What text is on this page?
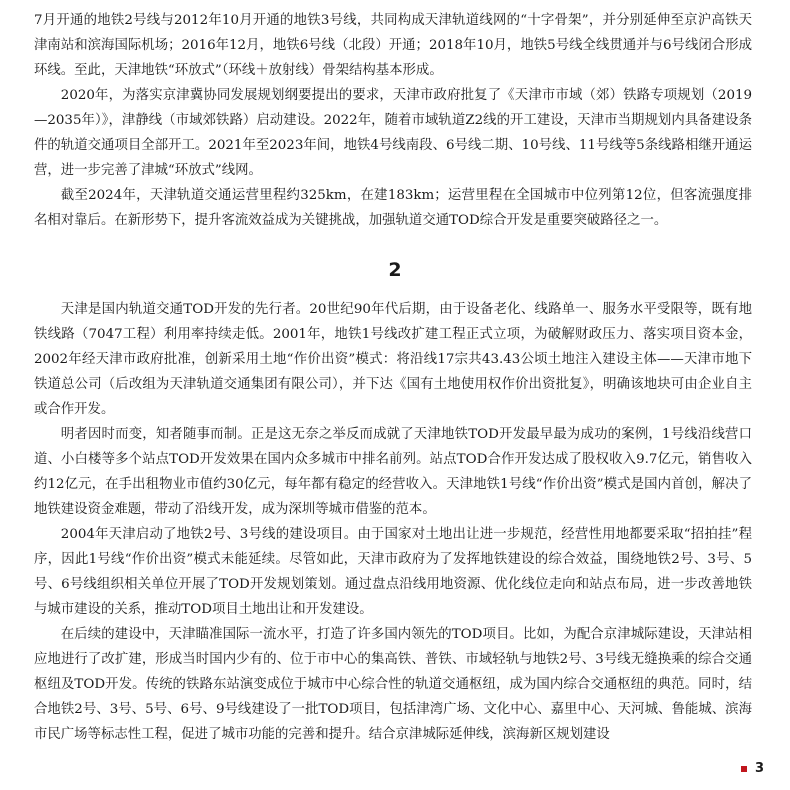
7月开通的地铁2号线与2012年10月开通的地铁3号线，共同构成天津轨道线网的“十字骨架”，并分别延伸至京沪高铁天津南站和滨海国际机场；2016年12月，地铁6号线（北段）开通；2018年10月，地铁5号线全线贯通并与6号线闭合形成环线。至此，天津地铁“环放式”（环线＋放射线）骨架结构基本形成。

2020年，为落实京津冀协同发展规划纲要提出的要求，天津市政府批复了《天津市市域（郊）铁路专项规划（2019—2035年）》，津静线（市域郊铁路）启动建设。2022年，随着市域轨道Z2线的开工建设，天津市当期规划内具备建设条件的轨道交通项目全部开工。2021年至2023年间，地铁4号线南段、6号线二期、10号线、11号线等5条线路相继开通运营，进一步完善了津城“环放式”线网。

截至2024年，天津轨道交通运营里程约325km，在建183km；运营里程在全国城市中位列第12位，但客流强度排名相对靠后。在新形势下，提升客流效益成为关键挑战，加强轨道交通TOD综合开发是重要突破路径之一。

2

天津是国内轨道交通TOD开发的先行者。20世纪90年代后期，由于设备老化、线路单一、服务水平受限等，既有地铁线路（7047工程）利用率持续走低。2001年，地铁1号线改扩建工程正式立项，为破解财政压力、落实项目资本金，2002年经天津市政府批准，创新采用土地“作价出资”模式：将沿线17宗共43.43公顷土地注入建设主体——天津市地下铁道总公司（后改组为天津轨道交通集团有限公司），并下达《国有土地使用权作价出资批复》，明确该地块可由企业自主或合作开发。

明者因时而变，知者随事而制。正是这无奈之举反而成就了天津地铁TOD开发最早最为成功的案例，1号线沿线营口道、小白楼等多个站点TOD开发效果在国内众多城市中排名前列。站点TOD合作开发达成了股权收入9.7亿元，销售收入约12亿元，在手出租物业市值约30亿元，每年都有稳定的经营收入。天津地铁1号线“作价出资”模式是国内首创，解决了地铁建设资金难题，带动了沿线开发，成为深圳等城市借鉴的范本。

2004年天津启动了地铁2号、3号线的建设项目。由于国家对土地出让进一步规范，经营性用地都要采取“招拍挂”程序，因此1号线“作价出资”模式未能延续。尽管如此，天津市政府为了发挥地铁建设的综合效益，围绕地铁2号、3号、5号、6号线组织相关单位开展了TOD开发规划策划。通过盘点沿线用地资源、优化线位走向和站点布局，进一步改善地铁与城市建设的关系，推动TOD项目土地出让和开发建设。

在后续的建设中，天津瞄准国际一流水平，打造了许多国内领先的TOD项目。比如，为配合京津城际建设，天津站相应地进行了改扩建，形成当时国内少有的、位于市中心的集高铁、普铁、市域轻轨与地铁2号、3号线无缝换乘的综合交通枢纽及TOD开发。传统的铁路东站演变成位于城市中心综合性的轨道交通枢纽，成为国内综合交通枢纽的典范。同时，结合地铁2号、3号、5号、6号、9号线建设了一批TOD项目，包括津湾广场、文化中心、嘉里中心、天河城、鲁能城、滨海市民广场等标志性工程，促进了城市功能的完善和提升。结合京津城际延伸线，滨海新区规划建设

3
